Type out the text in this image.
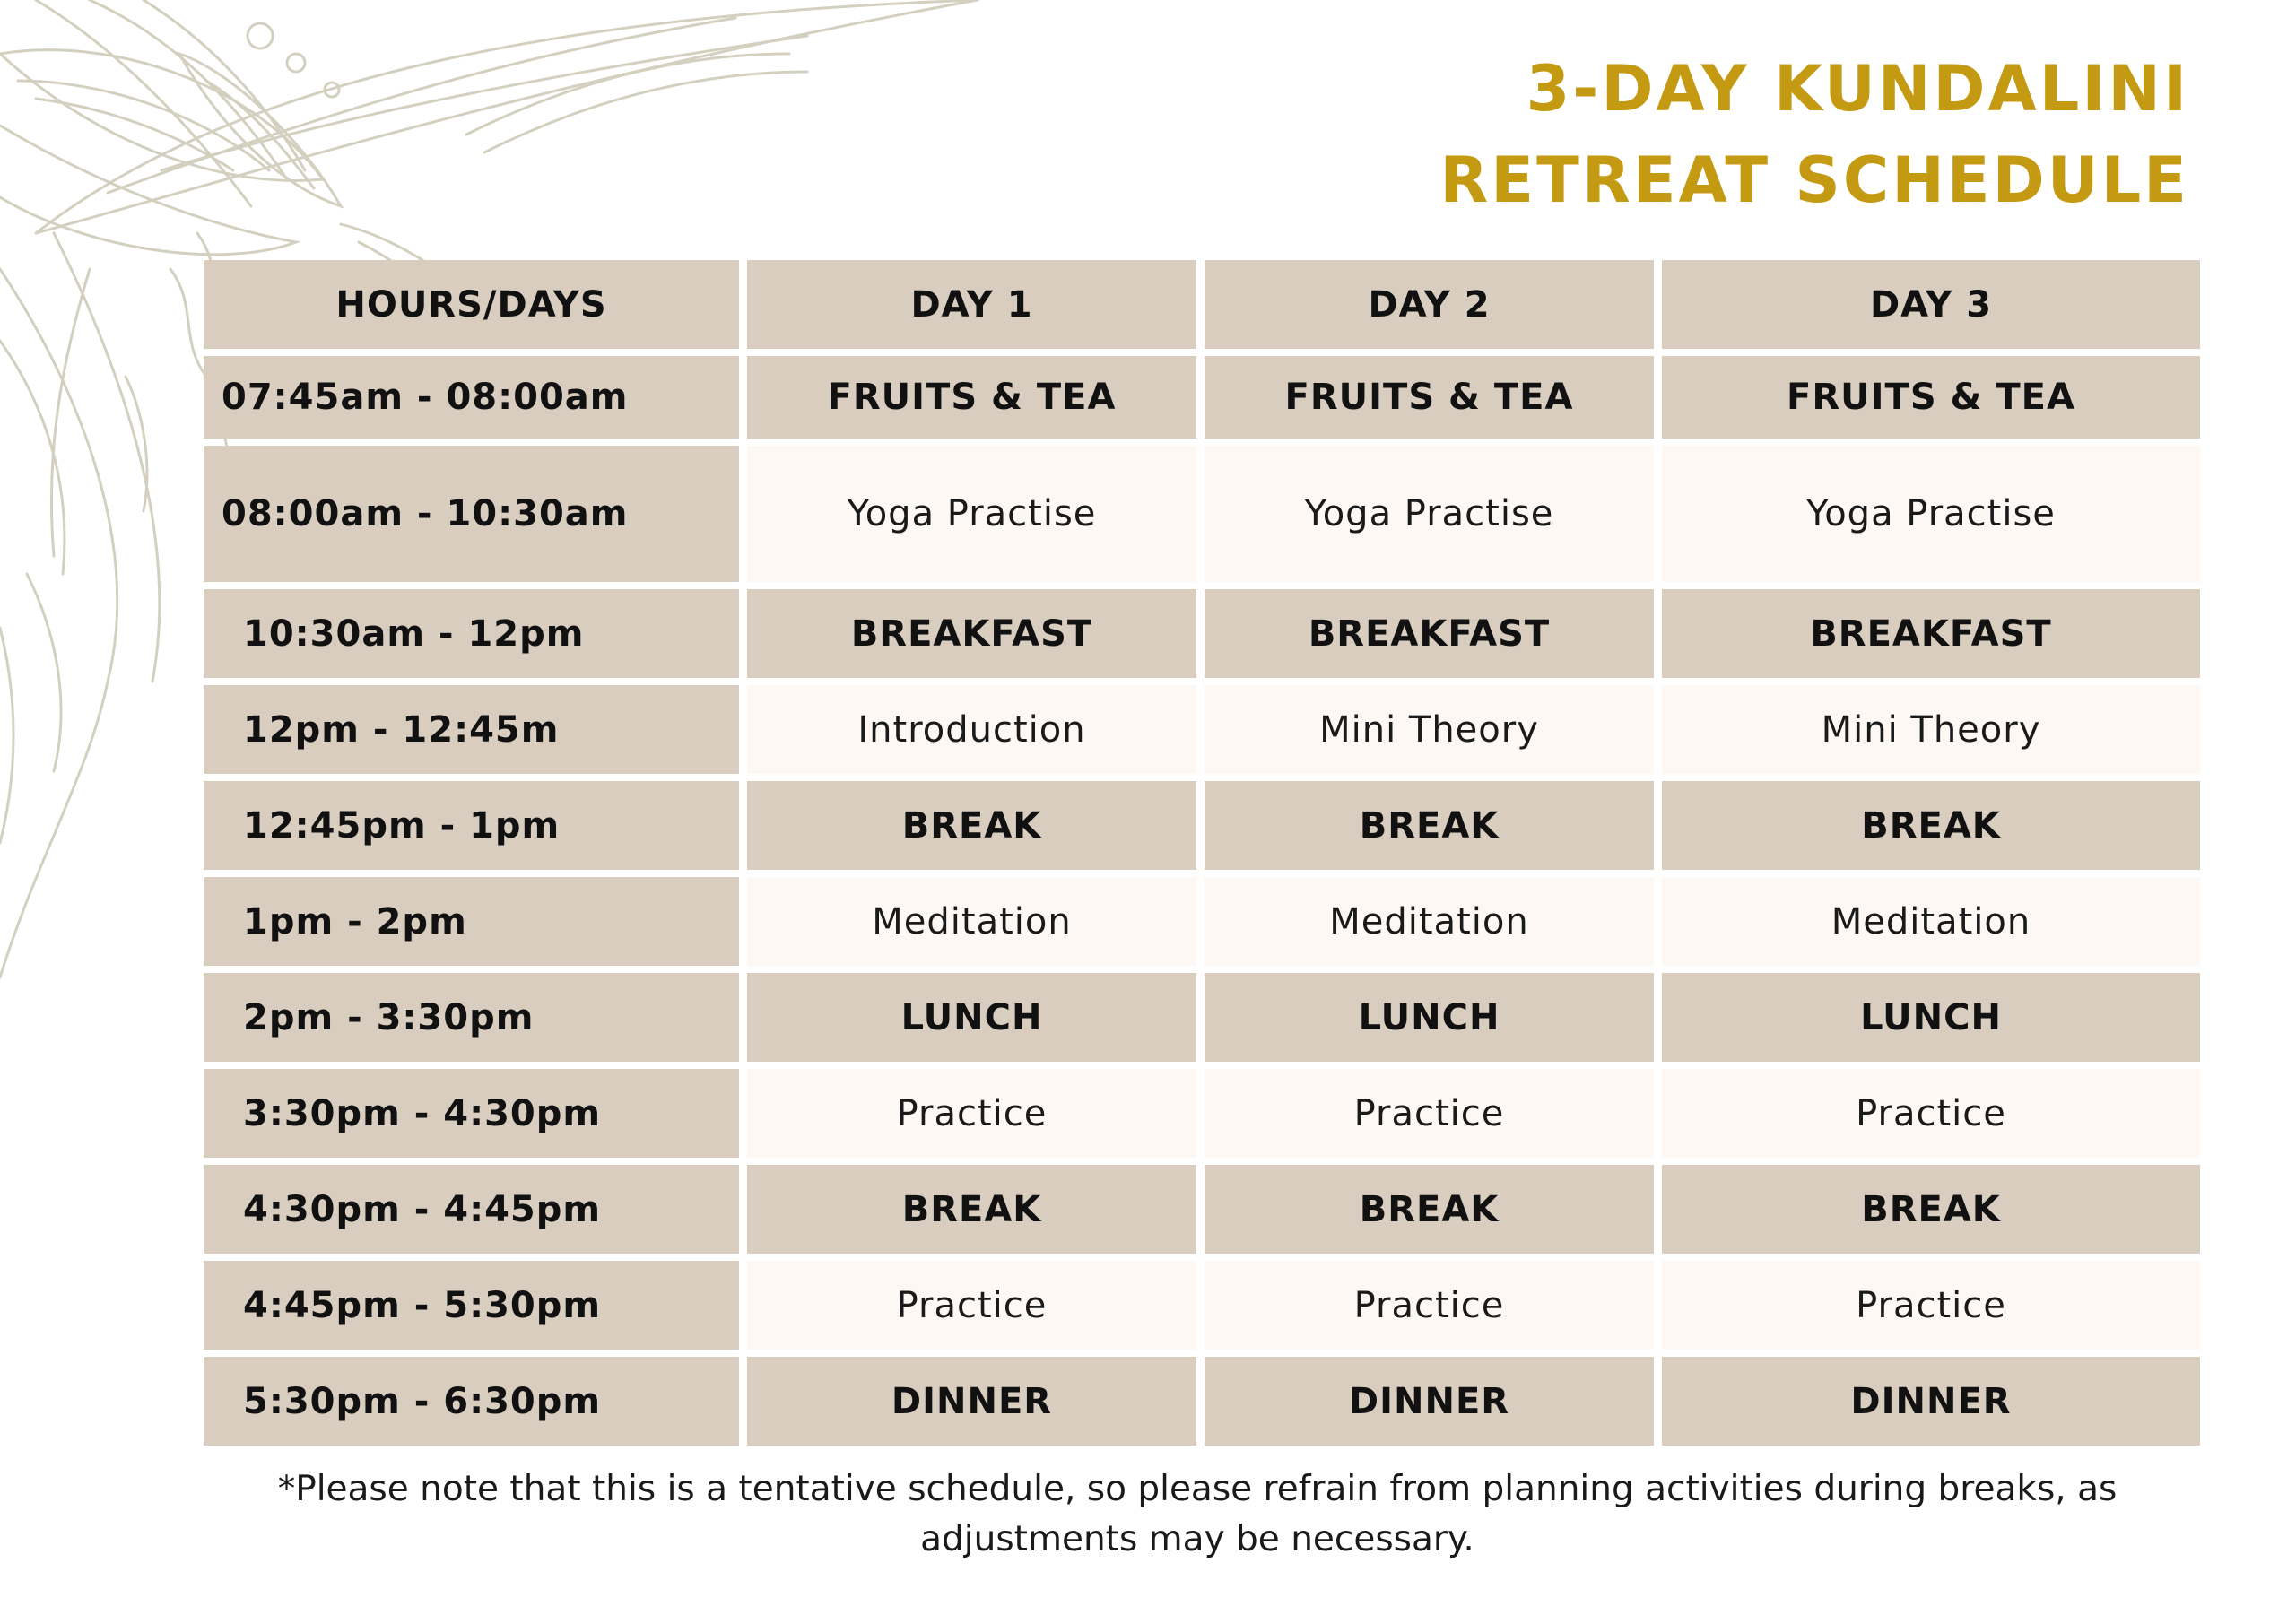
3-DAY KUNDALINI
RETREAT SCHEDULE
HOURS/DAYS	DAY 1	DAY 2	DAY 3
07:45am - 08:00am	FRUITS & TEA	FRUITS & TEA	FRUITS & TEA
08:00am - 10:30am	Yoga Practise	Yoga Practise	Yoga Practise
10:30am - 12pm	BREAKFAST	BREAKFAST	BREAKFAST
12pm - 12:45m	Introduction	Mini Theory	Mini Theory
12:45pm - 1pm	BREAK	BREAK	BREAK
1pm - 2pm	Meditation	Meditation	Meditation
2pm - 3:30pm	LUNCH	LUNCH	LUNCH
3:30pm - 4:30pm	Practice	Practice	Practice
4:30pm - 4:45pm	BREAK	BREAK	BREAK
4:45pm - 5:30pm	Practice	Practice	Practice
5:30pm - 6:30pm	DINNER	DINNER	DINNER

*Please note that this is a tentative schedule, so please refrain from planning activities during breaks, as
adjustments may be necessary.
